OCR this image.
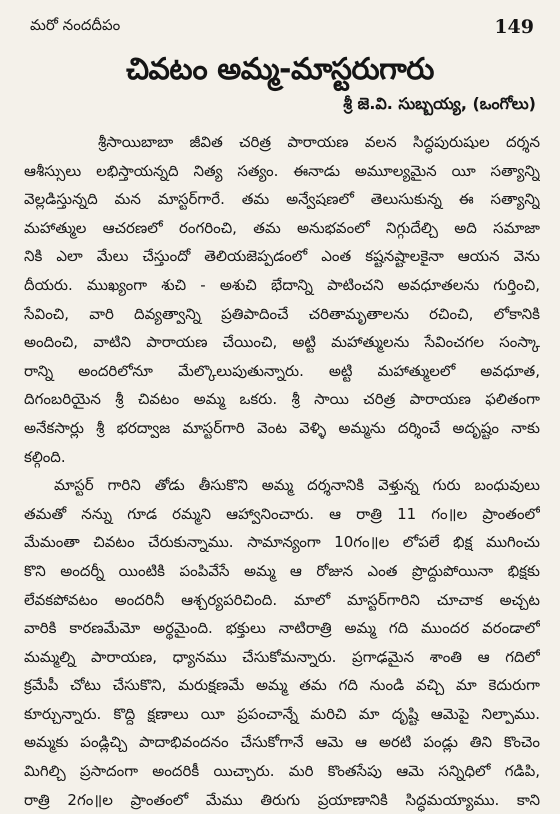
మరో నందదీపం	149
చివటం అమ్మ-మాస్టరుగారు
శ్రీ జె.వి. సుబ్బయ్య, (ఒంగోలు)
శ్రీసాయిబాబా జీవిత చరిత్ర పారాయణ వలన సిద్ధపురుషుల దర్శన
ఆశీస్సులు లభిస్తాయన్నది నిత్య సత్యం. ఈనాడు అమూల్యమైన యీ సత్యాన్ని
వెల్లడిస్తున్నది మన మాస్టర్‌గారే. తమ అన్వేషణలో తెలుసుకున్న ఈ సత్యాన్ని
మహాత్ముల ఆచరణలో రంగరించి, తమ అనుభవంలో నిగ్గుదేల్చి అది సమాజా
నికి ఎలా మేలు చేస్తుందో తెలియజెప్పడంలో ఎంత కష్టనష్టాలకైనా ఆయన వెను
దీయరు. ముఖ్యంగా శుచి - అశుచి భేదాన్ని పాటించని అవధూతలను గుర్తించి,
సేవించి, వారి దివ్యత్వాన్ని ప్రతిపాదించే చరితామృతాలను రచించి, లోకానికి
అందించి, వాటిని పారాయణ చేయించి, అట్టి మహాత్ములను సేవించగల సంస్కా
రాన్ని అందరిలోనూ మేల్కొలుపుతున్నారు. అట్టి మహాత్ములలో అవధూత,
దిగంబరియైన శ్రీ చివటం అమ్మ ఒకరు. శ్రీ సాయి చరిత్ర పారాయణ ఫలితంగా
అనేకసార్లు శ్రీ భరద్వాజ మాస్టర్‌గారి వెంట వెళ్ళి అమ్మను దర్శించే అదృష్టం నాకు
కల్గింది.
మాస్టర్ గారిని తోడు తీసుకొని అమ్మ దర్శనానికి వెళ్తున్న గురు బంధువులు
తమతో నన్ను గూడ రమ్మని ఆహ్వానించారు. ఆ రాత్రి 11 గం॥ల ప్రాంతంలో
మేమంతా చివటం చేరుకున్నాము. సామాన్యంగా 10గం॥ల లోపలే భిక్ష ముగించు
కొని అందర్నీ యింటికి పంపివేసే అమ్మ ఆ రోజున ఎంత ప్రొద్దుపోయినా భిక్షకు
లేవకపోవటం అందరినీ ఆశ్చర్యపరిచింది. మాలో మాస్టర్‌గారిని చూచాక అచ్చట
వారికి కారణమేమో అర్థమైంది. భక్తులు నాటిరాత్రి అమ్మ గది ముందర వరండాలో
మమ్మల్ని పారాయణ, ధ్యానము చేసుకోమన్నారు. ప్రగాఢమైన శాంతి ఆ గదిలో
క్రమేపీ చోటు చేసుకొని, మరుక్షణమే అమ్మ తమ గది నుండి వచ్చి మా కెదురుగా
కూర్చున్నారు. కొద్ది క్షణాలు యీ ప్రపంచాన్నే మరిచి మా దృష్టి ఆమెపై నిల్పాము.
అమ్మకు పండ్లిచ్చి పాదాభివందనం చేసుకోగానే ఆమె ఆ అరటి పండ్లు తిని కొంచెం
మిగిల్చి ప్రసాదంగా అందరికీ యిచ్చారు. మరి కొంతసేపు ఆమె సన్నిధిలో గడిపి,
రాత్రి 2గం॥ల ప్రాంతంలో మేము తిరుగు ప్రయాణానికి సిద్ధమయ్యాము. కాని
